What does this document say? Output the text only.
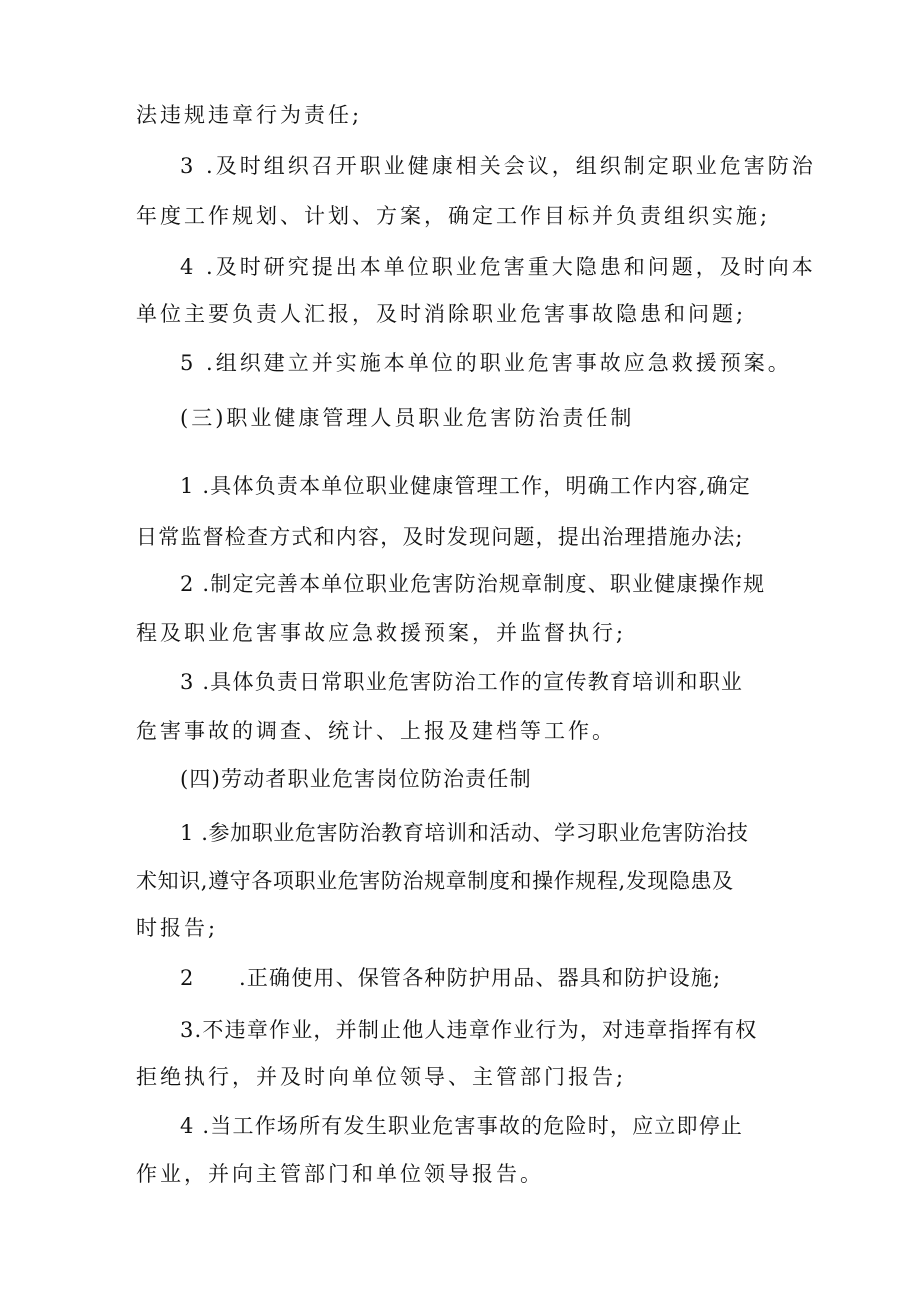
法违规违章行为责任;
3 .及时组织召开职业健康相关会议，组织制定职业危害防治
年度工作规划、计划、方案，确定工作目标并负责组织实施;
4 .及时研究提出本单位职业危害重大隐患和问题，及时向本
单位主要负责人汇报，及时消除职业危害事故隐患和问题;
5 .组织建立并实施本单位的职业危害事故应急救援预案。
(三)职业健康管理人员职业危害防治责任制
1 .具体负责本单位职业健康管理工作，明确工作内容,确定
日常监督检查方式和内容，及时发现问题，提出治理措施办法;
2 .制定完善本单位职业危害防治规章制度、职业健康操作规
程及职业危害事故应急救援预案，并监督执行;
3 .具体负责日常职业危害防治工作的宣传教育培训和职业
危害事故的调查、统计、上报及建档等工作。
(四)劳动者职业危害岗位防治责任制
1 .参加职业危害防治教育培训和活动、学习职业危害防治技
术知识,遵守各项职业危害防治规章制度和操作规程,发现隐患及
时报告;
2　　.正确使用、保管各种防护用品、器具和防护设施;
3.不违章作业，并制止他人违章作业行为，对违章指挥有权
拒绝执行，并及时向单位领导、主管部门报告;
4 .当工作场所有发生职业危害事故的危险时，应立即停止
作业，并向主管部门和单位领导报告。
